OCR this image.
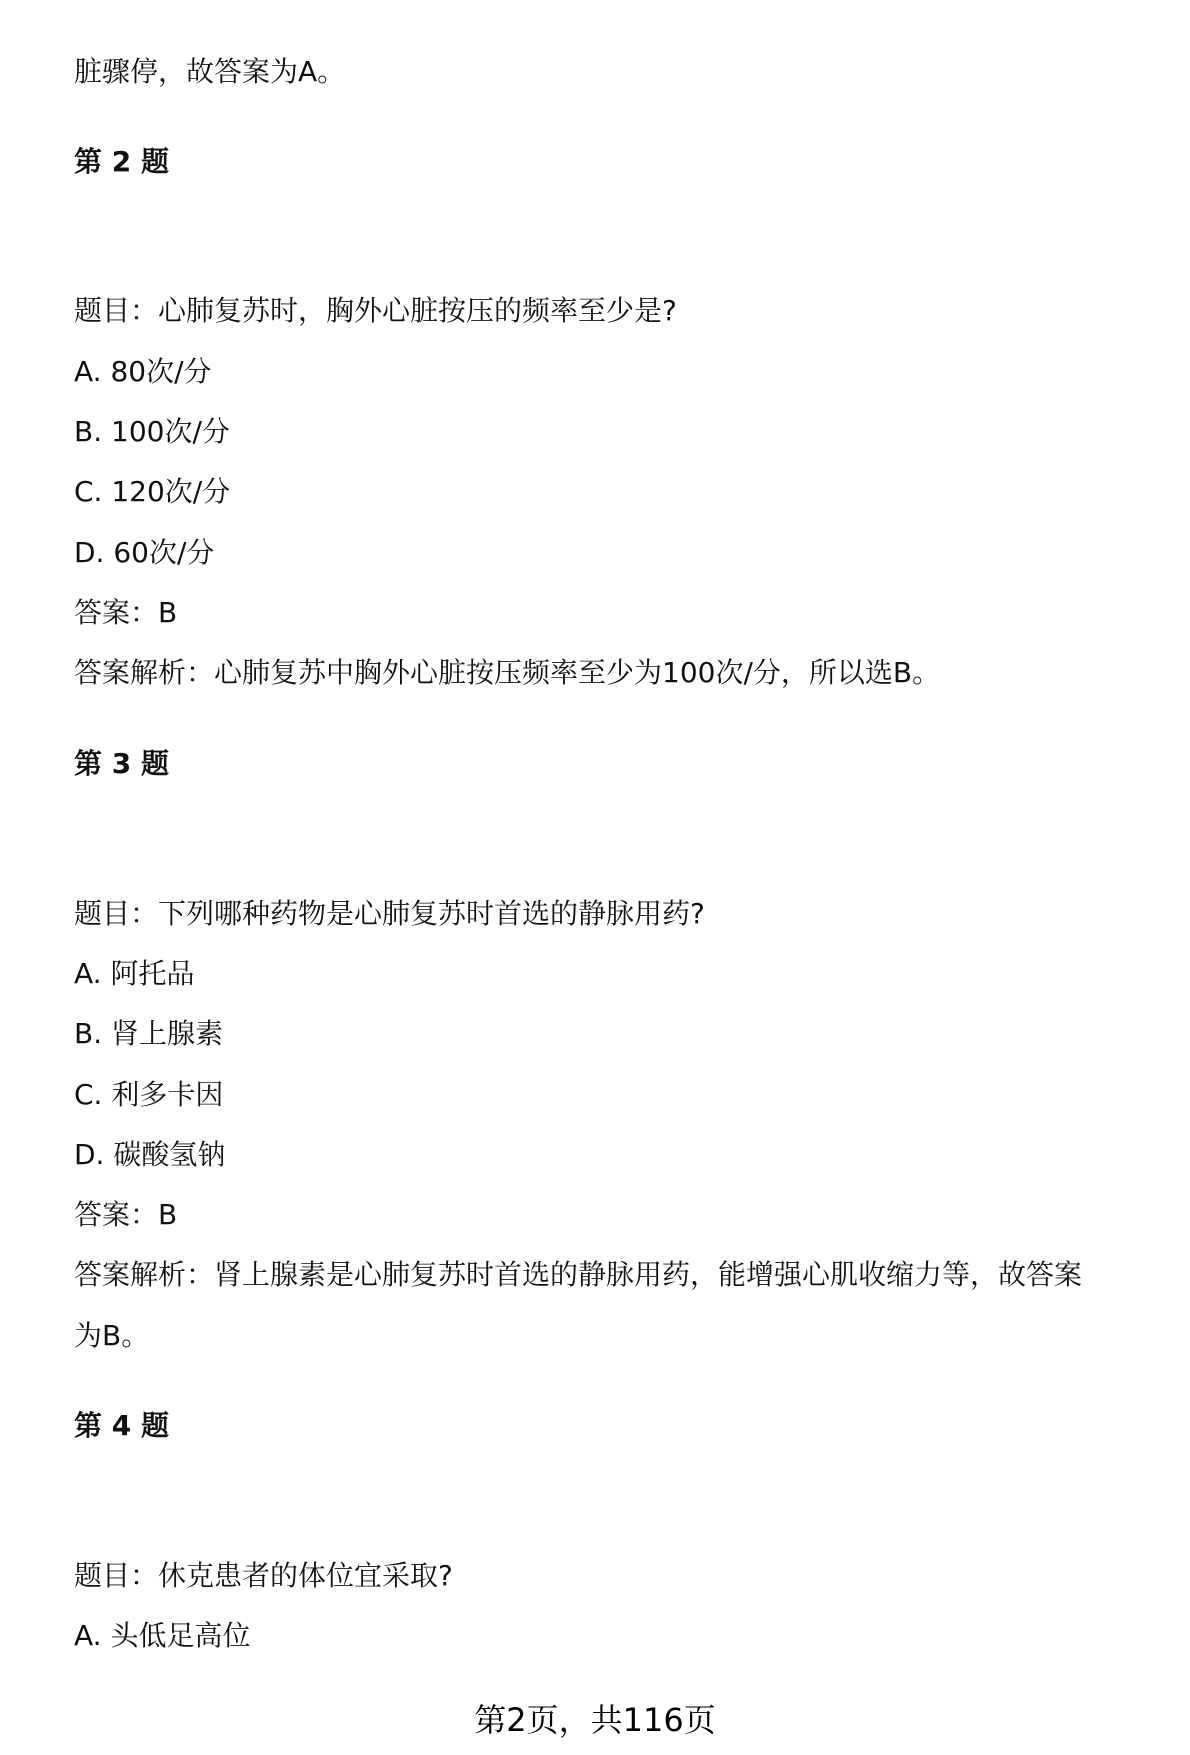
脏骤停，故答案为A。
第 2 题
题目：心肺复苏时，胸外心脏按压的频率至少是?
A. 80次/分
B. 100次/分
C. 120次/分
D. 60次/分
答案：B
答案解析：心肺复苏中胸外心脏按压频率至少为100次/分，所以选B。
第 3 题
题目：下列哪种药物是心肺复苏时首选的静脉用药?
A. 阿托品
B. 肾上腺素
C. 利多卡因
D. 碳酸氢钠
答案：B
答案解析：肾上腺素是心肺复苏时首选的静脉用药，能增强心肌收缩力等，故答案
为B。
第 4 题
题目：休克患者的体位宜采取?
A. 头低足高位
第2页，共116页
